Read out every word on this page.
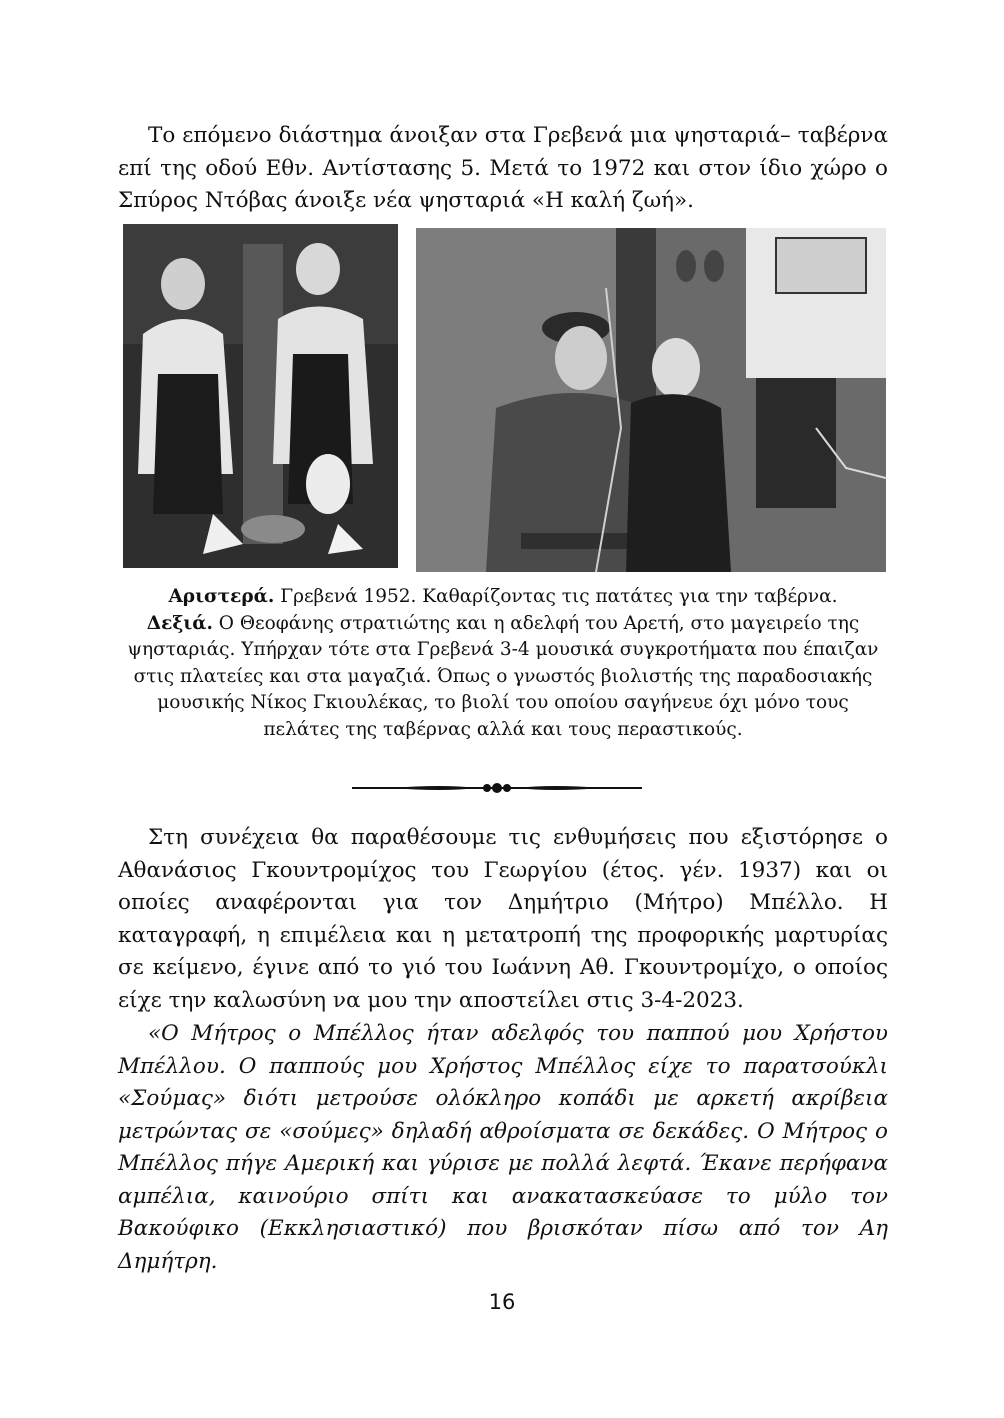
Το επόμενο διάστημα άνοιξαν στα Γρεβενά μια ψησταριά– ταβέρνα επί της οδού Εθν. Αντίστασης 5. Μετά το 1972 και στον ίδιο χώρο ο Σπύρος Ντόβας άνοιξε νέα ψησταριά «Η καλή ζωή».

Αριστερά. Γρεβενά 1952. Καθαρίζοντας τις πατάτες για την ταβέρνα.
Δεξιά. Ο Θεοφάνης στρατιώτης και η αδελφή του Αρετή, στο μαγειρείο της ψησταριάς. Υπήρχαν τότε στα Γρεβενά 3-4 μουσικά συγκροτήματα που έπαιζαν στις πλατείες και στα μαγαζιά. Όπως ο γνωστός βιολιστής της παραδοσιακής μουσικής Νίκος Γκιουλέκας, το βιολί του οποίου σαγήνευε όχι μόνο τους πελάτες της ταβέρνας αλλά και τους περαστικούς.

Στη συνέχεια θα παραθέσουμε τις ενθυμήσεις που εξιστόρησε ο Αθανάσιος Γκουντρομίχος του Γεωργίου (έτος. γέν. 1937) και οι οποίες αναφέρονται για τον Δημήτριο (Μήτρο) Μπέλλο. Η καταγραφή, η επιμέλεια και η μετατροπή της προφορικής μαρτυρίας σε κείμενο, έγινε από το γιό του Ιωάννη Αθ. Γκουντρομίχο, ο οποίος είχε την καλωσύνη να μου την αποστείλει στις 3-4-2023.

«Ο Μήτρος ο Μπέλλος ήταν αδελφός του παππού μου Χρήστου Μπέλλου. Ο παππούς μου Χρήστος Μπέλλος είχε το παρατσούκλι «Σούμας» διότι μετρούσε ολόκληρο κοπάδι με αρκετή ακρίβεια μετρώντας σε «σούμες» δηλαδή αθροίσματα σε δεκάδες. Ο Μήτρος ο Μπέλλος πήγε Αμερική και γύρισε με πολλά λεφτά. Έκανε περήφανα αμπέλια, καινούριο σπίτι και ανακατασκεύασε το μύλο τον Βακούφικο (Εκκλησιαστικό) που βρισκόταν πίσω από τον Αη Δημήτρη.

16
